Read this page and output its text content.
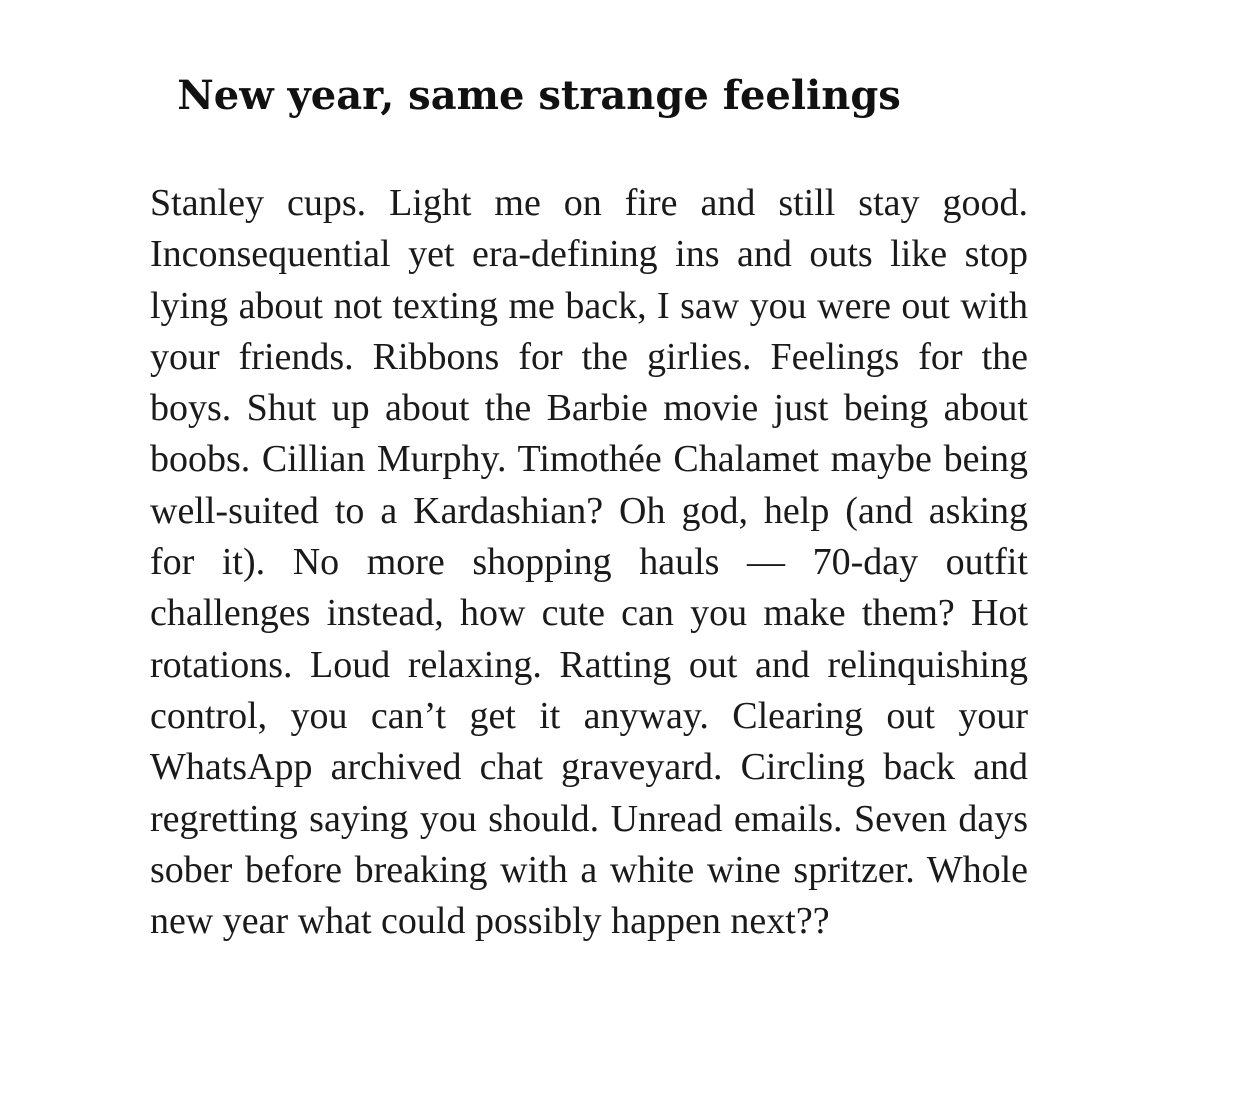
New year, same strange feelings

Stanley cups. Light me on fire and still stay good. Inconsequential yet era-defining ins and outs like stop lying about not texting me back, I saw you were out with your friends. Ribbons for the girlies. Feelings for the boys. Shut up about the Barbie movie just being about boobs. Cillian Murphy. Timothée Chalamet maybe being well-suited to a Kardashian? Oh god, help (and asking for it). No more shopping hauls — 70-day outfit challenges instead, how cute can you make them? Hot rotations. Loud relaxing. Ratting out and relinquishing control, you can’t get it anyway. Clearing out your WhatsApp archived chat graveyard. Circling back and regretting saying you should. Unread emails. Seven days sober before breaking with a white wine spritzer. Whole new year what could possibly happen next??
